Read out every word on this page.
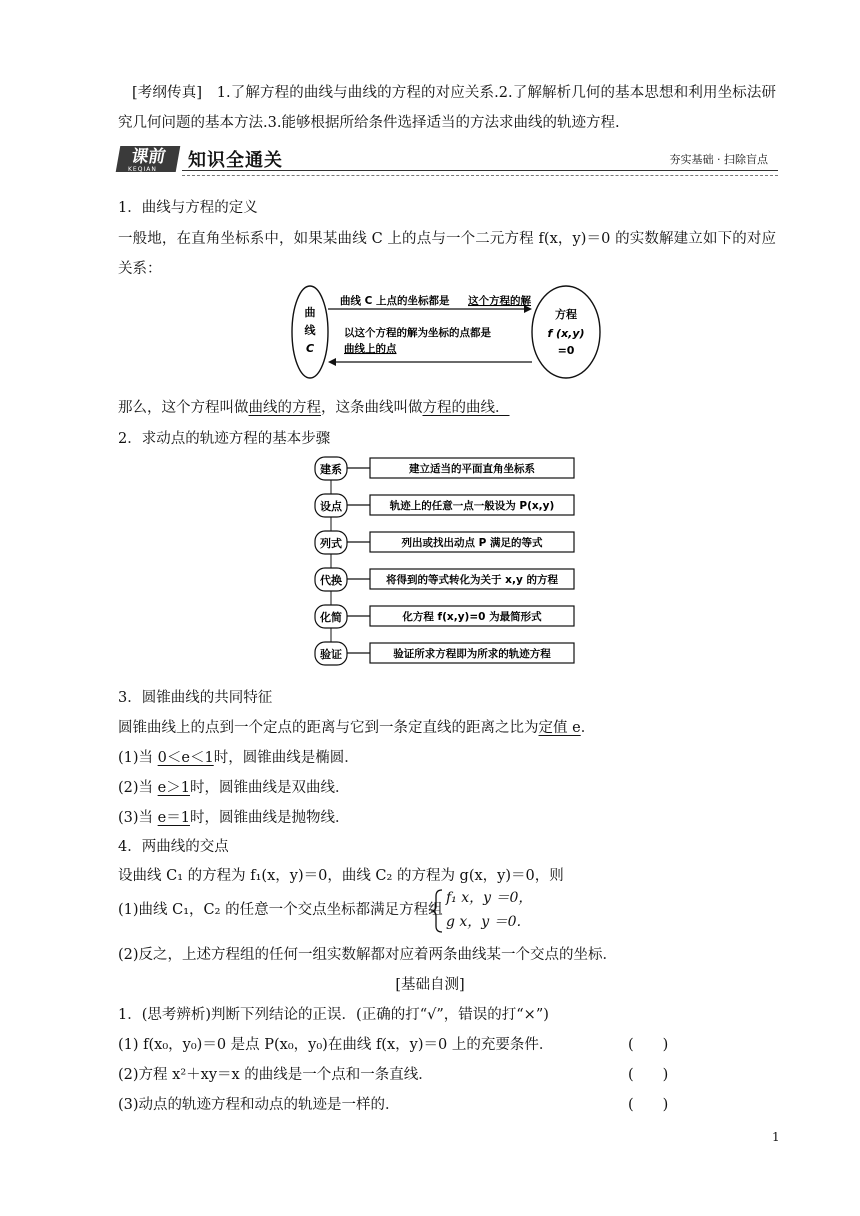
[考纲传真]　 1.了解方程的曲线与曲线的方程的对应关系.2.了解解析几何的基本思想和利用坐标法研究几何问题的基本方法.3.能够根据所给条件选择适当的方法求曲线的轨迹方程.
课前
KEQIAN 知识全通关	夯实基础 · 扫除盲点
1．曲线与方程的定义
一般地，在直角坐标系中，如果某曲线 C 上的点与一个二元方程 f(x，y)＝0 的实数解建立如下的对应关系：
曲
线
C
方程
f (x,y)
=0
曲线 C 上点的坐标都是 这个方程的解
以这个方程的解为坐标的点都是
曲线上的点
那么，这个方程叫做曲线的方程，这条曲线叫做方程的曲线．
2．求动点的轨迹方程的基本步骤
建系	建立适当的平面直角坐标系
设点	轨迹上的任意一点一般设为 P(x,y)
列式	列出或找出动点 P 满足的等式
代换	将得到的等式转化为关于 x,y 的方程
化简	化方程 f(x,y)=0 为最简形式
验证	验证所求方程即为所求的轨迹方程
3．圆锥曲线的共同特征
圆锥曲线上的点到一个定点的距离与它到一条定直线的距离之比为定值 e．
(1)当 0＜e＜1时，圆锥曲线是椭圆．
(2)当 e＞1时，圆锥曲线是双曲线．
(3)当 e＝1时，圆锥曲线是抛物线．
4．两曲线的交点
设曲线 C₁ 的方程为 f₁(x，y)＝0，曲线 C₂ 的方程为 g(x，y)＝0，则
(1)曲线 C₁，C₂ 的任意一个交点坐标都满足方程组
f₁ x，y ＝0，
g x，y ＝0.
(2)反之，上述方程组的任何一组实数解都对应着两条曲线某一个交点的坐标．
[基础自测]
1．(思考辨析)判断下列结论的正误．(正确的打“√”，错误的打“×”)
(1) f(x₀，y₀)＝0 是点 P(x₀，y₀)在曲线 f(x，y)＝0 上的充要条件．	(　　)
(2)方程 x²＋xy＝x 的曲线是一个点和一条直线．	(　　)
(3)动点的轨迹方程和动点的轨迹是一样的．	(　　)
1
